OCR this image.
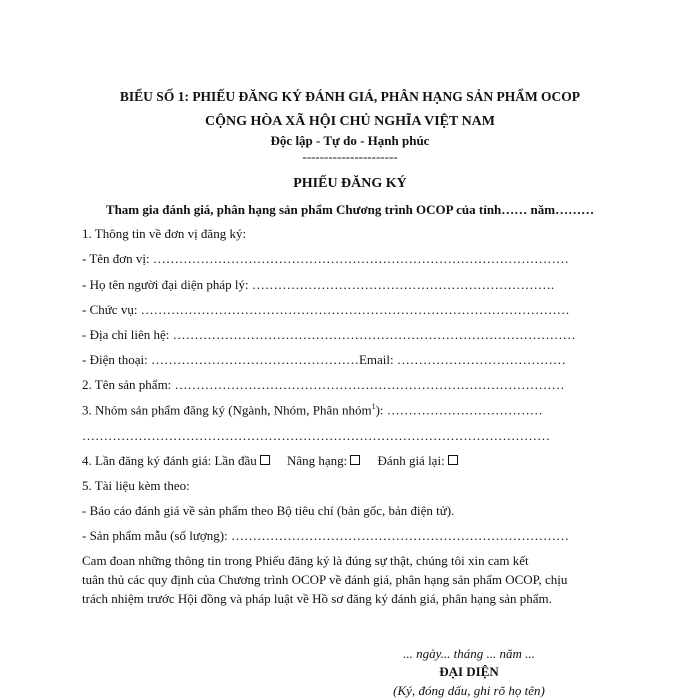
BIỂU SỐ 1: PHIẾU ĐĂNG KÝ ĐÁNH GIÁ, PHÂN HẠNG SẢN PHẨM OCOP
CỘNG HÒA XÃ HỘI CHỦ NGHĨA VIỆT NAM
Độc lập - Tự do - Hạnh phúc
----------------------
PHIẾU ĐĂNG KÝ
Tham gia đánh giá, phân hạng sản phẩm Chương trình OCOP của tỉnh…… năm………
1. Thông tin về đơn vị đăng ký:
- Tên đơn vị: ……………………………………………………………………………………
- Họ tên người đại diện pháp lý: …………………………………………………………….
- Chức vụ: ………………………………………………………………………………………
- Địa chỉ liên hệ: …………………………………………………………………………………
- Điện thoại: …………………………………………Email: …………………………………
2. Tên sản phẩm: ………………………………………………………………………………
3. Nhóm sản phẩm đăng ký (Ngành, Nhóm, Phân nhóm$^1$): ………………………………
………………………………………………………………………………………………
4. Lần đăng ký đánh giá: Lần đầu Nâng hạng: Đánh giá lại:
5. Tài liệu kèm theo:
- Báo cáo đánh giá về sản phẩm theo Bộ tiêu chí (bản gốc, bản điện tử).
- Sản phẩm mẫu (số lượng): ……………………………………………………………………
Cam đoan những thông tin trong Phiếu đăng ký là đúng sự thật, chúng tôi xin cam kết
tuân thủ các quy định của Chương trình OCOP về đánh giá, phân hạng sản phẩm OCOP, chịu
trách nhiệm trước Hội đồng và pháp luật về Hồ sơ đăng ký đánh giá, phân hạng sản phẩm.
... ngày... tháng ... năm ...
ĐẠI DIỆN
(Ký, đóng dấu, ghi rõ họ tên)
